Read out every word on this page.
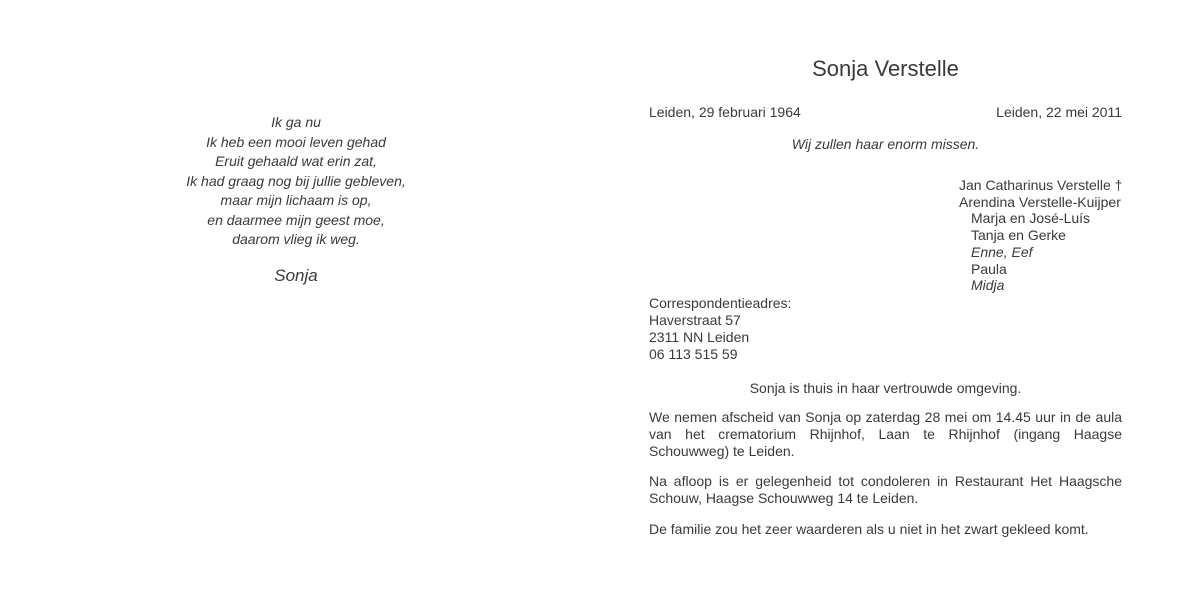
Ik ga nu
Ik heb een mooi leven gehad
Eruit gehaald wat erin zat,
Ik had graag nog bij jullie gebleven,
maar mijn lichaam is op,
en daarmee mijn geest moe,
daarom vlieg ik weg.
Sonja
Sonja Verstelle
Leiden, 29 februari 1964	Leiden, 22 mei 2011
Wij zullen haar enorm missen.
Jan Catharinus Verstelle †
Arendina Verstelle-Kuijper
Marja en José-Luís
Tanja en Gerke
Enne, Eef
Paula
Midja
Correspondentieadres:
Haverstraat 57
2311 NN Leiden
06 113 515 59
Sonja is thuis in haar vertrouwde omgeving.

We nemen afscheid van Sonja op zaterdag 28 mei om 14.45 uur in de aula van het crematorium Rhijnhof, Laan te Rhijnhof (ingang Haagse Schouwweg) te Leiden.

Na afloop is er gelegenheid tot condoleren in Restaurant Het Haagsche Schouw, Haagse Schouwweg 14 te Leiden.

De familie zou het zeer waarderen als u niet in het zwart gekleed komt.
